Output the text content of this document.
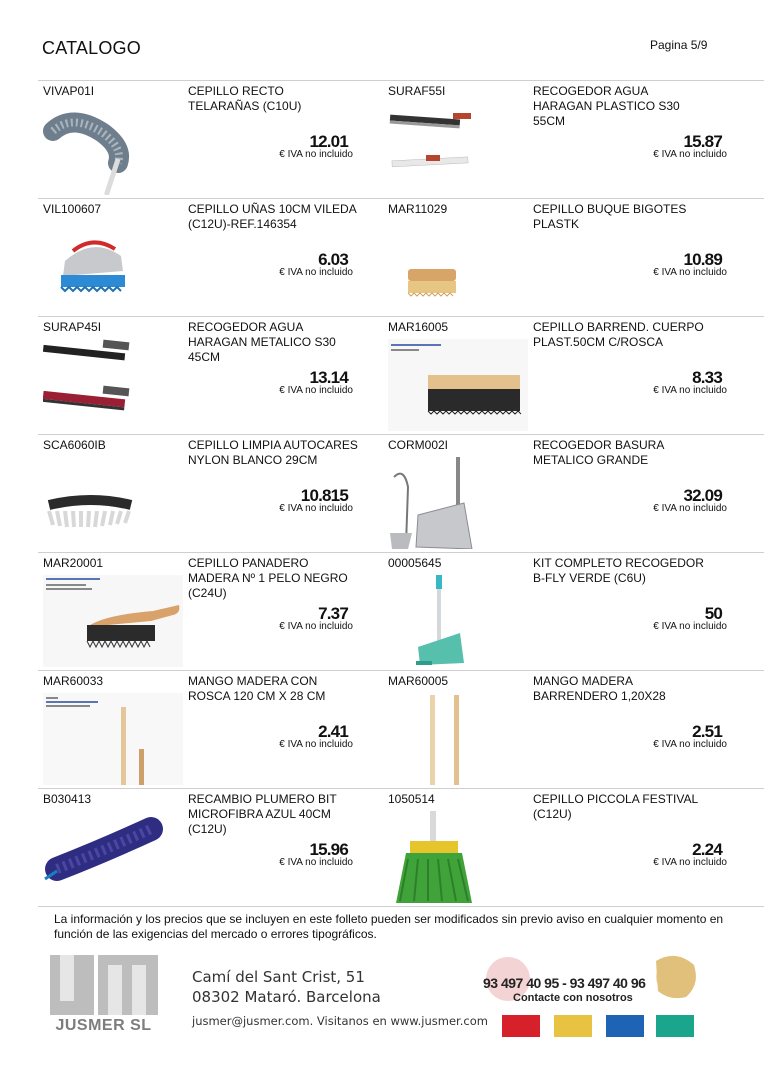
CATALOGO	Pagina 5/9
VIVAP01I	CEPILLO RECTO TELARAÑAS (C10U)
12.01
€ IVA no incluido
SURAF55I	RECOGEDOR AGUA HARAGAN PLASTICO S30 55CM
15.87
€ IVA no incluido
VIL100607	CEPILLO UÑAS 10CM VILEDA (C12U)-REF.146354
6.03
€ IVA no incluido
MAR11029	CEPILLO BUQUE BIGOTES PLASTK
10.89
€ IVA no incluido
SURAP45I	RECOGEDOR AGUA HARAGAN METALICO S30 45CM
13.14
€ IVA no incluido
MAR16005	CEPILLO BARREND. CUERPO PLAST.50CM C/ROSCA
8.33
€ IVA no incluido
SCA6060IB	CEPILLO LIMPIA AUTOCARES NYLON BLANCO 29CM
10.815
€ IVA no incluido
CORM002I	RECOGEDOR BASURA METALICO GRANDE
32.09
€ IVA no incluido
MAR20001	CEPILLO PANADERO MADERA Nº 1 PELO NEGRO (C24U)
7.37
€ IVA no incluido
00005645	KIT COMPLETO RECOGEDOR B-FLY VERDE (C6U)
50
€ IVA no incluido
MAR60033	MANGO MADERA CON ROSCA 120 CM X 28 CM
2.41
€ IVA no incluido
MAR60005	MANGO MADERA BARRENDERO 1,20X28
2.51
€ IVA no incluido
B030413	RECAMBIO PLUMERO BIT MICROFIBRA AZUL 40CM (C12U)
15.96
€ IVA no incluido
1050514	CEPILLO PICCOLA FESTIVAL (C12U)
2.24
€ IVA no incluido
La información y los precios que se incluyen en este folleto pueden ser modificados sin previo aviso en cualquier momento en función de las exigencias del mercado o errores tipográficos.
JUSMER SL
Camí del Sant Crist, 51
08302 Mataró. Barcelona
jusmer@jusmer.com. Visitanos en www.jusmer.com
93 497 40 95 - 93 497 40 96
Contacte con nosotros
